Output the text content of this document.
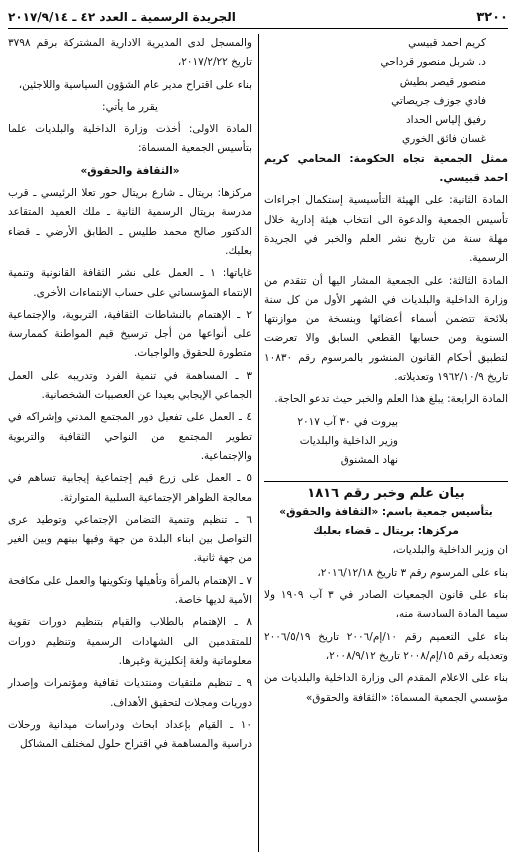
٣٢٠٠
الجريدة الرسمية ـ العدد ٤٢ ـ ٢٠١٧/٩/١٤

كريم احمد قبيسي

د. شربل منصور قرداحي

منصور قيصر بطيش

فادي جوزف جريصاتي

رفيق إلياس الحداد

غسان فائق الخوري

ممثل الجمعية تجاه الحكومة: المحامي كريم احمد قبيسي.

المادة الثانية: على الهيئة التأسيسية إستكمال اجراءات تأسيس الجمعية والدعوة الى انتخاب هيئة إدارية خلال مهلة سنة من تاريخ نشر العلم والخبر في الجريدة الرسمية.

المادة الثالثة: على الجمعية المشار اليها أن تتقدم من وزارة الداخلية والبلديات في الشهر الأول من كل سنة بلائحة تتضمن أسماء أعضائها وبنسخة من موازنتها السنوية ومن حسابها القطعي السابق والا تعرضت لتطبيق أحكام القانون المنشور بالمرسوم رقم ١٠٨٣٠ تاريخ ١٩٦٢/١٠/٩ وتعديلاته.

المادة الرابعة: يبلغ هذا العلم والخبر حيث تدعو الحاجة.

بيروت في ٣٠ آب ٢٠١٧

وزير الداخلية والبلديات

نهاد المشنوق

بيان علم وخبر رقم ١٨١٦

بتأسيس جمعية باسم: «الثقافة والحقوق»

مركزها: بريتال ـ قضاء بعلبك

ان وزير الداخلية والبلديات،

بناء على المرسوم رقم ٣ تاريخ ٢٠١٦/١٢/١٨،

بناء على قانون الجمعيات الصادر في ٣ آب ١٩٠٩ ولا سيما المادة السادسة منه،

بناء على التعميم رقم ١٠/إم/٢٠٠٦ تاريخ ٢٠٠٦/٥/١٩ وتعديله رقم ١٥/إم/٢٠٠٨ تاريخ ٢٠٠٨/٩/١٢،

بناء على الاعلام المقدم الى وزارة الداخلية والبلديات من مؤسسي الجمعية المسماة: «الثقافة والحقوق»

والمسجل لدى المديرية الادارية المشتركة برقم ٣٧٩٨ تاريخ ٢٠١٧/٢/٢٢،

بناء على اقتراح مدير عام الشؤون السياسية واللاجئين،

يقرر ما يأتي:

المادة الاولى: أخذت وزارة الداخلية والبلديات علما بتأسيس الجمعية المسماة:

«الثقافة والحقوق»

مركزها: بريتال ـ شارع بريتال حور تعلا الرئيسي ـ قرب مدرسة بريتال الرسمية الثانية ـ ملك العميد المتقاعد الدكتور صالح محمد طليس ـ الطابق الأرضي ـ قضاء بعلبك.

غاياتها: ١ ـ العمل على نشر الثقافة القانونية وتنمية الإنتماء المؤسساتي على حساب الإنتماءات الأخرى.

٢ ـ الإهتمام بالنشاطات الثقافية، التربوية، والإجتماعية على أنواعها من أجل ترسيخ قيم المواطنة كممارسة متطورة للحقوق والواجبات.

٣ ـ المساهمة في تنمية الفرد وتدريبه على العمل الجماعي الإيجابي بعيدا عن العصبيات الشخصانية.

٤ ـ العمل على تفعيل دور المجتمع المدني وإشراكه في تطوير المجتمع من النواحي الثقافية والتربوية والإجتماعية.

٥ ـ العمل على زرع قيم إجتماعية إيجابية تساهم في معالجة الظواهر الإجتماعية السلبية المتوارثة.

٦ ـ تنظيم وتنمية التضامن الإجتماعي وتوطيد عرى التواصل بين ابناء البلدة من جهة وفيها بينهم وبين الغير من جهة ثانية.

٧ ـ الإهتمام بالمرأة وتأهيلها وتكوينها والعمل على مكافحة الأمية لديها خاصة.

٨ ـ الإهتمام بالطلاب والقيام بتنظيم دورات تقوية للمتقدمين الى الشهادات الرسمية وتنظيم دورات معلوماتية ولغة إنكليزية وغيرها.

٩ ـ تنظيم ملتقيات ومنتديات ثقافية ومؤتمرات وإصدار دوريات ومجلات لتحقيق الأهداف.

١٠ ـ القيام بإعداد ابحاث ودراسات ميدانية ورحلات دراسية والمساهمة في اقتراح حلول لمختلف المشاكل
